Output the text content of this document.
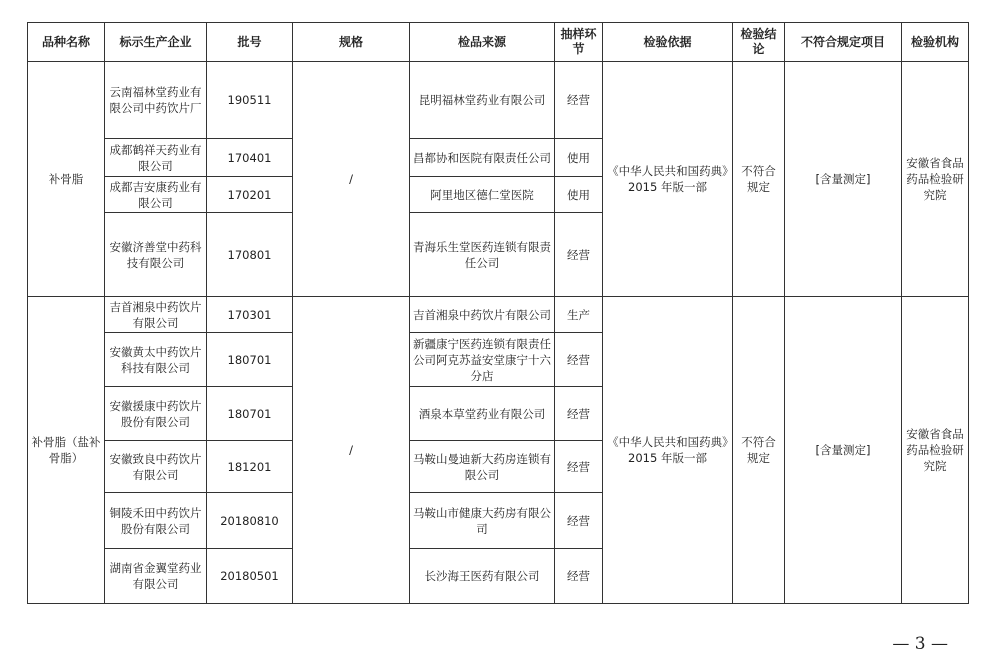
品种名称	标示生产企业	批号	规格	检品来源	抽样环节	检验依据	检验结论	不符合规定项目	检验机构
补骨脂	云南福林堂药业有限公司中药饮片厂	190511	/	昆明福林堂药业有限公司	经营	《中华人民共和国药典》2015 年版一部	不符合规定	[含量测定]	安徽省食品药品检验研究院
	成都鹤祥天药业有限公司	170401		昌都协和医院有限责任公司	使用				
	成都吉安康药业有限公司	170201		阿里地区德仁堂医院	使用				
	安徽济善堂中药科技有限公司	170801		青海乐生堂医药连锁有限责任公司	经营				
补骨脂（盐补骨脂）	吉首湘泉中药饮片有限公司	170301	/	吉首湘泉中药饮片有限公司	生产	《中华人民共和国药典》2015 年版一部	不符合规定	[含量测定]	安徽省食品药品检验研究院
	安徽黄太中药饮片科技有限公司	180701		新疆康宁医药连锁有限责任公司阿克苏益安堂康宁十六分店	经营				
	安徽援康中药饮片股份有限公司	180701		酒泉本草堂药业有限公司	经营				
	安徽致良中药饮片有限公司	181201		马鞍山曼迪新大药房连锁有限公司	经营				
	铜陵禾田中药饮片股份有限公司	20180810		马鞍山市健康大药房有限公司	经营				
	湖南省金翼堂药业有限公司	20180501		长沙海王医药有限公司	经营				
— 3 —
